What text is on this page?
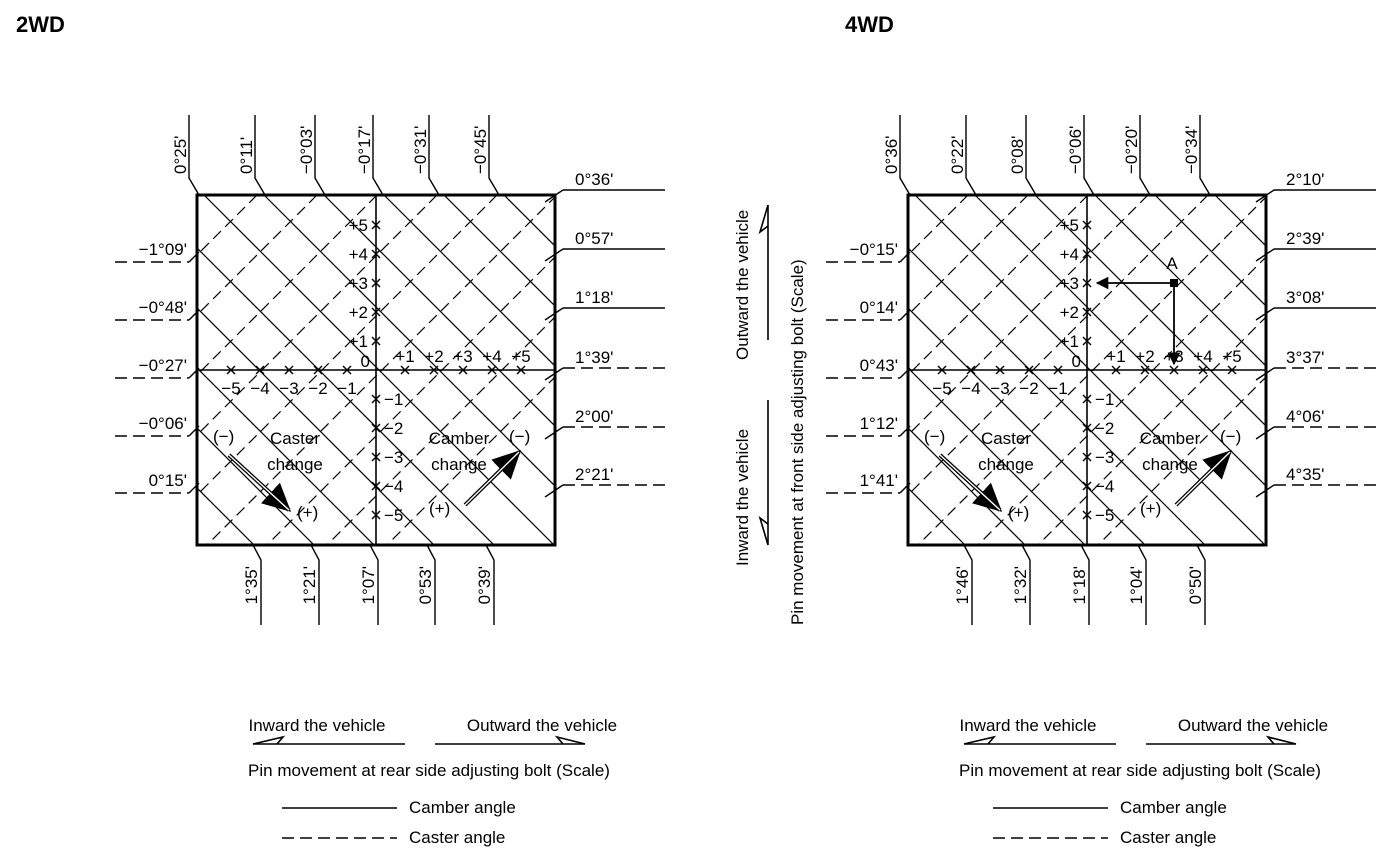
2WD
0°25'	0°11' −0°03' −0°17' −0°31' −0°45'
0°36'
0°57'
1°18'
1°39'
2°00'
2°21'
−1°09'
−0°48'
−0°27'
−0°06'
0°15'
1°35' 1°21' 1°07' 0°53' 0°39'
+5
+4
+3
+2
+1
−1
−2
−3
−4
−5
0 +1 +2 +3 +4 +5
−5 −4 −3 −2 −1
Caster
change
Camber
change
(−)
(+)
(−)
(+)
Inward the vehicle	Outward the vehicle
Pin movement at rear side adjusting bolt (Scale)
Camber angle
Caster angle
4WD
0°36'	0°22' 0°08' −0°06' −0°20' −0°34'
2°10'
2°39'
3°08'
3°37'
4°06'
4°35'
−0°15'
0°14'
0°43'
1°12'
1°41'
1°46' 1°32' 1°18' 1°04' 0°50'
+5
+4
+3
+2
+1
−1
−2
−3
−4
−5
0 +1 +2 +3 +4 +5
−5 −4 −3 −2 −1
Caster
change
Camber
change
(−)
(+)
(−)
(+)
Inward the vehicle	Outward the vehicle
Pin movement at rear side adjusting bolt (Scale)
Camber angle
Caster angle
A
Outward the vehicle
Inward the vehicle Pin movement at front side adjusting bolt (Scale)
